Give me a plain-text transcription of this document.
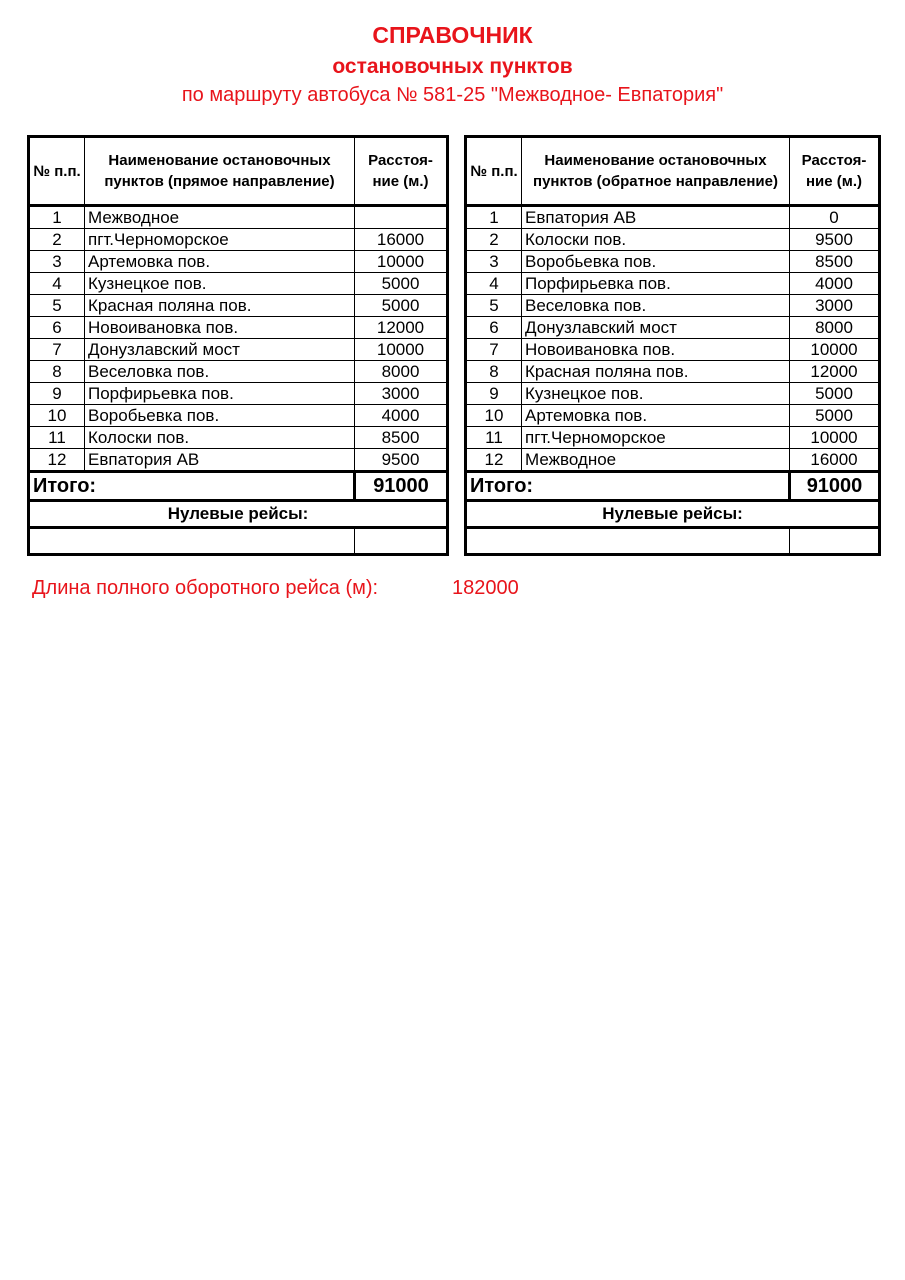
СПРАВОЧНИК
остановочных пунктов
по маршруту автобуса № 581-25 "Межводное- Евпатория"
№ п.п.	Наименование остановочных пунктов (прямое направление)	Расстоя-ние (м.)
1	Межводное	
2	пгт.Черноморское	16000
3	Артемовка пов.	10000
4	Кузнецкое пов.	5000
5	Красная поляна пов.	5000
6	Новоивановка пов.	12000
7	Донузлавский мост	10000
8	Веселовка пов.	8000
9	Порфирьевка пов.	3000
10	Воробьевка пов.	4000
11	Колоски пов.	8500
12	Евпатория АВ	9500
Итого:		91000
Нулевые рейсы:		

№ п.п.	Наименование остановочных пунктов (обратное направление)	Расстоя-ние (м.)
1	Евпатория АВ	0
2	Колоски пов.	9500
3	Воробьевка пов.	8500
4	Порфирьевка пов.	4000
5	Веселовка пов.	3000
6	Донузлавский мост	8000
7	Новоивановка пов.	10000
8	Красная поляна пов.	12000
9	Кузнецкое пов.	5000
10	Артемовка пов.	5000
11	пгт.Черноморское	10000
12	Межводное	16000
Итого:		91000
Нулевые рейсы:		

Длина полного оборотного рейса (м):	182000
